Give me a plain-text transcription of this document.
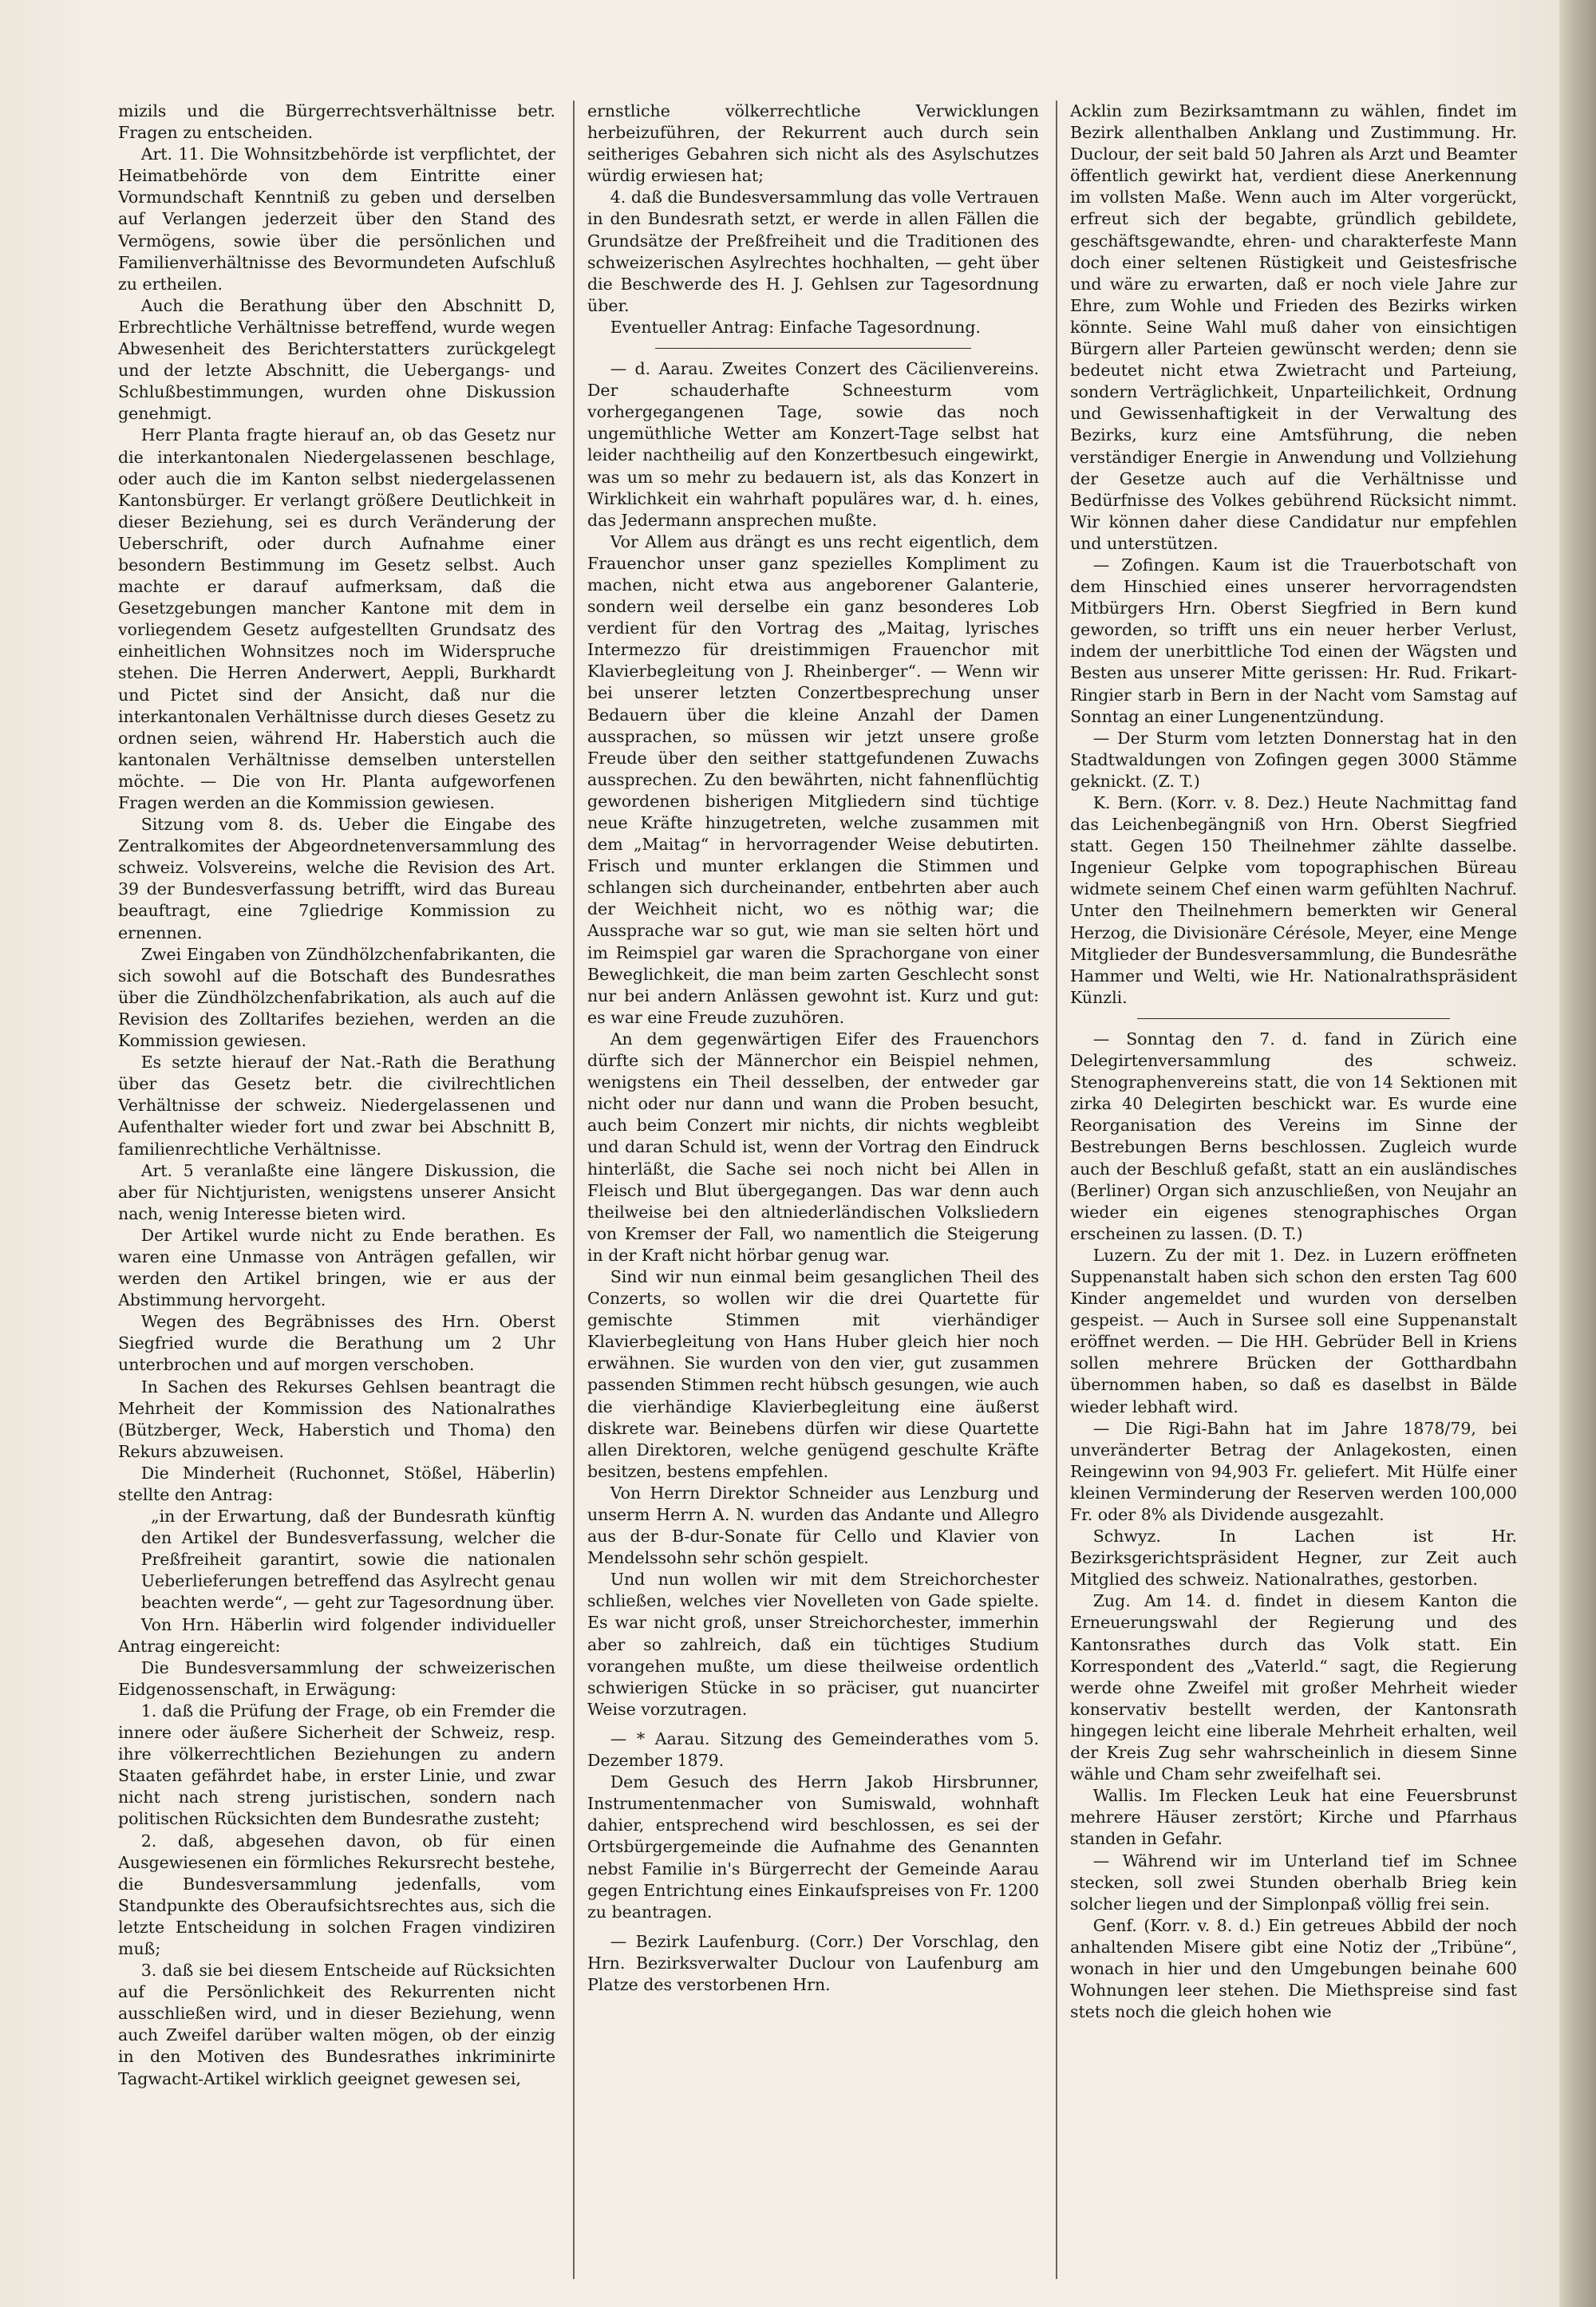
mizils und die Bürgerrechtsverhältnisse betr. Fragen zu entscheiden.

Art. 11. Die Wohnsitzbehörde ist verpflichtet, der Heimatbehörde von dem Eintritte einer Vormundschaft Kenntniß zu geben und derselben auf Verlangen jederzeit über den Stand des Vermögens, sowie über die persönlichen und Familienverhältnisse des Bevormundeten Aufschluß zu ertheilen.

Auch die Berathung über den Abschnitt D, Erbrechtliche Verhältnisse betreffend, wurde wegen Abwesenheit des Berichterstatters zurückgelegt und der letzte Abschnitt, die Uebergangs- und Schlußbestimmungen, wurden ohne Diskussion genehmigt.

Herr Planta fragte hierauf an, ob das Gesetz nur die interkantonalen Niedergelassenen beschlage, oder auch die im Kanton selbst niedergelassenen Kantonsbürger. Er verlangt größere Deutlichkeit in dieser Beziehung, sei es durch Veränderung der Ueberschrift, oder durch Aufnahme einer besondern Bestimmung im Gesetz selbst. Auch machte er darauf aufmerksam, daß die Gesetzgebungen mancher Kantone mit dem in vorliegendem Gesetz aufgestellten Grundsatz des einheitlichen Wohnsitzes noch im Widerspruche stehen. Die Herren Anderwert, Aeppli, Burkhardt und Pictet sind der Ansicht, daß nur die interkantonalen Verhältnisse durch dieses Gesetz zu ordnen seien, während Hr. Haberstich auch die kantonalen Verhältnisse demselben unterstellen möchte. — Die von Hr. Planta aufgeworfenen Fragen werden an die Kommission gewiesen.

Sitzung vom 8. ds. Ueber die Eingabe des Zentralkomites der Abgeordnetenversammlung des schweiz. Volsvereins, welche die Revision des Art. 39 der Bundesverfassung betrifft, wird das Bureau beauftragt, eine 7gliedrige Kommission zu ernennen.

Zwei Eingaben von Zündhölzchenfabrikanten, die sich sowohl auf die Botschaft des Bundesrathes über die Zündhölzchenfabrikation, als auch auf die Revision des Zolltarifes beziehen, werden an die Kommission gewiesen.

Es setzte hierauf der Nat.-Rath die Berathung über das Gesetz betr. die civilrechtlichen Verhältnisse der schweiz. Niedergelassenen und Aufenthalter wieder fort und zwar bei Abschnitt B, familienrechtliche Verhältnisse.

Art. 5 veranlaßte eine längere Diskussion, die aber für Nichtjuristen, wenigstens unserer Ansicht nach, wenig Interesse bieten wird.

Der Artikel wurde nicht zu Ende berathen. Es waren eine Unmasse von Anträgen gefallen, wir werden den Artikel bringen, wie er aus der Abstimmung hervorgeht.

Wegen des Begräbnisses des Hrn. Oberst Siegfried wurde die Berathung um 2 Uhr unterbrochen und auf morgen verschoben.

In Sachen des Rekurses Gehlsen beantragt die Mehrheit der Kommission des Nationalrathes (Bützberger, Weck, Haberstich und Thoma) den Rekurs abzuweisen.

Die Minderheit (Ruchonnet, Stößel, Häberlin) stellte den Antrag:

„in der Erwartung, daß der Bundesrath künftig den Artikel der Bundesverfassung, welcher die Preßfreiheit garantirt, sowie die nationalen Ueberlieferungen betreffend das Asylrecht genau beachten werde“, — geht zur Tagesordnung über.

Von Hrn. Häberlin wird folgender individueller Antrag eingereicht:

Die Bundesversammlung der schweizerischen Eidgenossenschaft, in Erwägung:

1. daß die Prüfung der Frage, ob ein Fremder die innere oder äußere Sicherheit der Schweiz, resp. ihre völkerrechtlichen Beziehungen zu andern Staaten gefährdet habe, in erster Linie, und zwar nicht nach streng juristischen, sondern nach politischen Rücksichten dem Bundesrathe zusteht;

2. daß, abgesehen davon, ob für einen Ausgewiesenen ein förmliches Rekursrecht bestehe, die Bundesversammlung jedenfalls, vom Standpunkte des Oberaufsichtsrechtes aus, sich die letzte Entscheidung in solchen Fragen vindiziren muß;

3. daß sie bei diesem Entscheide auf Rücksichten auf die Persönlichkeit des Rekurrenten nicht ausschließen wird, und in dieser Beziehung, wenn auch Zweifel darüber walten mögen, ob der einzig in den Motiven des Bundesrathes inkriminirte Tagwacht-Artikel wirklich geeignet gewesen sei,

ernstliche völkerrechtliche Verwicklungen herbeizuführen, der Rekurrent auch durch sein seitheriges Gebahren sich nicht als des Asylschutzes würdig erwiesen hat;

4. daß die Bundesversammlung das volle Vertrauen in den Bundesrath setzt, er werde in allen Fällen die Grundsätze der Preßfreiheit und die Traditionen des schweizerischen Asylrechtes hochhalten, — geht über die Beschwerde des H. J. Gehlsen zur Tagesordnung über.

Eventueller Antrag: Einfache Tagesordnung.

— d. Aarau. Zweites Conzert des Cäcilienvereins. Der schauderhafte Schneesturm vom vorhergegangenen Tage, sowie das noch ungemüthliche Wetter am Konzert-Tage selbst hat leider nachtheilig auf den Konzertbesuch eingewirkt, was um so mehr zu bedauern ist, als das Konzert in Wirklichkeit ein wahrhaft populäres war, d. h. eines, das Jedermann ansprechen mußte.

Vor Allem aus drängt es uns recht eigentlich, dem Frauenchor unser ganz spezielles Kompliment zu machen, nicht etwa aus angeborener Galanterie, sondern weil derselbe ein ganz besonderes Lob verdient für den Vortrag des „Maitag, lyrisches Intermezzo für dreistimmigen Frauenchor mit Klavierbegleitung von J. Rheinberger“. — Wenn wir bei unserer letzten Conzertbesprechung unser Bedauern über die kleine Anzahl der Damen aussprachen, so müssen wir jetzt unsere große Freude über den seither stattgefundenen Zuwachs aussprechen. Zu den bewährten, nicht fahnenflüchtig gewordenen bisherigen Mitgliedern sind tüchtige neue Kräfte hinzugetreten, welche zusammen mit dem „Maitag“ in hervorragender Weise debutirten. Frisch und munter erklangen die Stimmen und schlangen sich durcheinander, entbehrten aber auch der Weichheit nicht, wo es nöthig war; die Aussprache war so gut, wie man sie selten hört und im Reimspiel gar waren die Sprachorgane von einer Beweglichkeit, die man beim zarten Geschlecht sonst nur bei andern Anlässen gewohnt ist. Kurz und gut: es war eine Freude zuzuhören.

An dem gegenwärtigen Eifer des Frauenchors dürfte sich der Männerchor ein Beispiel nehmen, wenigstens ein Theil desselben, der entweder gar nicht oder nur dann und wann die Proben besucht, auch beim Conzert mir nichts, dir nichts wegbleibt und daran Schuld ist, wenn der Vortrag den Eindruck hinterläßt, die Sache sei noch nicht bei Allen in Fleisch und Blut übergegangen. Das war denn auch theilweise bei den altniederländischen Volksliedern von Kremser der Fall, wo namentlich die Steigerung in der Kraft nicht hörbar genug war.

Sind wir nun einmal beim gesanglichen Theil des Conzerts, so wollen wir die drei Quartette für gemischte Stimmen mit vierhändiger Klavierbegleitung von Hans Huber gleich hier noch erwähnen. Sie wurden von den vier, gut zusammen passenden Stimmen recht hübsch gesungen, wie auch die vierhändige Klavierbegleitung eine äußerst diskrete war. Beinebens dürfen wir diese Quartette allen Direktoren, welche genügend geschulte Kräfte besitzen, bestens empfehlen.

Von Herrn Direktor Schneider aus Lenzburg und unserm Herrn A. N. wurden das Andante und Allegro aus der B-dur-Sonate für Cello und Klavier von Mendelssohn sehr schön gespielt.

Und nun wollen wir mit dem Streichorchester schließen, welches vier Novelleten von Gade spielte. Es war nicht groß, unser Streichorchester, immerhin aber so zahlreich, daß ein tüchtiges Studium vorangehen mußte, um diese theilweise ordentlich schwierigen Stücke in so präciser, gut nuancirter Weise vorzutragen.

— * Aarau. Sitzung des Gemeinderathes vom 5. Dezember 1879.

Dem Gesuch des Herrn Jakob Hirsbrunner, Instrumentenmacher von Sumiswald, wohnhaft dahier, entsprechend wird beschlossen, es sei der Ortsbürgergemeinde die Aufnahme des Genannten nebst Familie in's Bürgerrecht der Gemeinde Aarau gegen Entrichtung eines Einkaufspreises von Fr. 1200 zu beantragen.

— Bezirk Laufenburg. (Corr.) Der Vorschlag, den Hrn. Bezirksverwalter Duclour von Laufenburg am Platze des verstorbenen Hrn.

Acklin zum Bezirksamtmann zu wählen, findet im Bezirk allenthalben Anklang und Zustimmung. Hr. Duclour, der seit bald 50 Jahren als Arzt und Beamter öffentlich gewirkt hat, verdient diese Anerkennung im vollsten Maße. Wenn auch im Alter vorgerückt, erfreut sich der begabte, gründlich gebildete, geschäftsgewandte, ehren- und charakterfeste Mann doch einer seltenen Rüstigkeit und Geistesfrische und wäre zu erwarten, daß er noch viele Jahre zur Ehre, zum Wohle und Frieden des Bezirks wirken könnte. Seine Wahl muß daher von einsichtigen Bürgern aller Parteien gewünscht werden; denn sie bedeutet nicht etwa Zwietracht und Parteiung, sondern Verträglichkeit, Unparteilichkeit, Ordnung und Gewissenhaftigkeit in der Verwaltung des Bezirks, kurz eine Amtsführung, die neben verständiger Energie in Anwendung und Vollziehung der Gesetze auch auf die Verhältnisse und Bedürfnisse des Volkes gebührend Rücksicht nimmt. Wir können daher diese Candidatur nur empfehlen und unterstützen.

— Zofingen. Kaum ist die Trauerbotschaft von dem Hinschied eines unserer hervorragendsten Mitbürgers Hrn. Oberst Siegfried in Bern kund geworden, so trifft uns ein neuer herber Verlust, indem der unerbittliche Tod einen der Wägsten und Besten aus unserer Mitte gerissen: Hr. Rud. Frikart-Ringier starb in Bern in der Nacht vom Samstag auf Sonntag an einer Lungenentzündung.

— Der Sturm vom letzten Donnerstag hat in den Stadtwaldungen von Zofingen gegen 3000 Stämme geknickt. (Z. T.)

K. Bern. (Korr. v. 8. Dez.) Heute Nachmittag fand das Leichenbegängniß von Hrn. Oberst Siegfried statt. Gegen 150 Theilnehmer zählte dasselbe. Ingenieur Gelpke vom topographischen Büreau widmete seinem Chef einen warm gefühlten Nachruf. Unter den Theilnehmern bemerkten wir General Herzog, die Divisionäre Cérésole, Meyer, eine Menge Mitglieder der Bundesversammlung, die Bundesräthe Hammer und Welti, wie Hr. Nationalrathspräsident Künzli.

— Sonntag den 7. d. fand in Zürich eine Delegirtenversammlung des schweiz. Stenographenvereins statt, die von 14 Sektionen mit zirka 40 Delegirten beschickt war. Es wurde eine Reorganisation des Vereins im Sinne der Bestrebungen Berns beschlossen. Zugleich wurde auch der Beschluß gefaßt, statt an ein ausländisches (Berliner) Organ sich anzuschließen, von Neujahr an wieder ein eigenes stenographisches Organ erscheinen zu lassen. (D. T.)

Luzern. Zu der mit 1. Dez. in Luzern eröffneten Suppenanstalt haben sich schon den ersten Tag 600 Kinder angemeldet und wurden von derselben gespeist. — Auch in Sursee soll eine Suppenanstalt eröffnet werden. — Die HH. Gebrüder Bell in Kriens sollen mehrere Brücken der Gotthardbahn übernommen haben, so daß es daselbst in Bälde wieder lebhaft wird.

— Die Rigi-Bahn hat im Jahre 1878/79, bei unveränderter Betrag der Anlagekosten, einen Reingewinn von 94,903 Fr. geliefert. Mit Hülfe einer kleinen Verminderung der Reserven werden 100,000 Fr. oder 8% als Dividende ausgezahlt.

Schwyz. In Lachen ist Hr. Bezirksgerichtspräsident Hegner, zur Zeit auch Mitglied des schweiz. Nationalrathes, gestorben.

Zug. Am 14. d. findet in diesem Kanton die Erneuerungswahl der Regierung und des Kantonsrathes durch das Volk statt. Ein Korrespondent des „Vaterld.“ sagt, die Regierung werde ohne Zweifel mit großer Mehrheit wieder konservativ bestellt werden, der Kantonsrath hingegen leicht eine liberale Mehrheit erhalten, weil der Kreis Zug sehr wahrscheinlich in diesem Sinne wähle und Cham sehr zweifelhaft sei.

Wallis. Im Flecken Leuk hat eine Feuersbrunst mehrere Häuser zerstört; Kirche und Pfarrhaus standen in Gefahr.

— Während wir im Unterland tief im Schnee stecken, soll zwei Stunden oberhalb Brieg kein solcher liegen und der Simplonpaß völlig frei sein.

Genf. (Korr. v. 8. d.) Ein getreues Abbild der noch anhaltenden Misere gibt eine Notiz der „Tribüne“, wonach in hier und den Umgebungen beinahe 600 Wohnungen leer stehen. Die Miethspreise sind fast stets noch die gleich hohen wie
